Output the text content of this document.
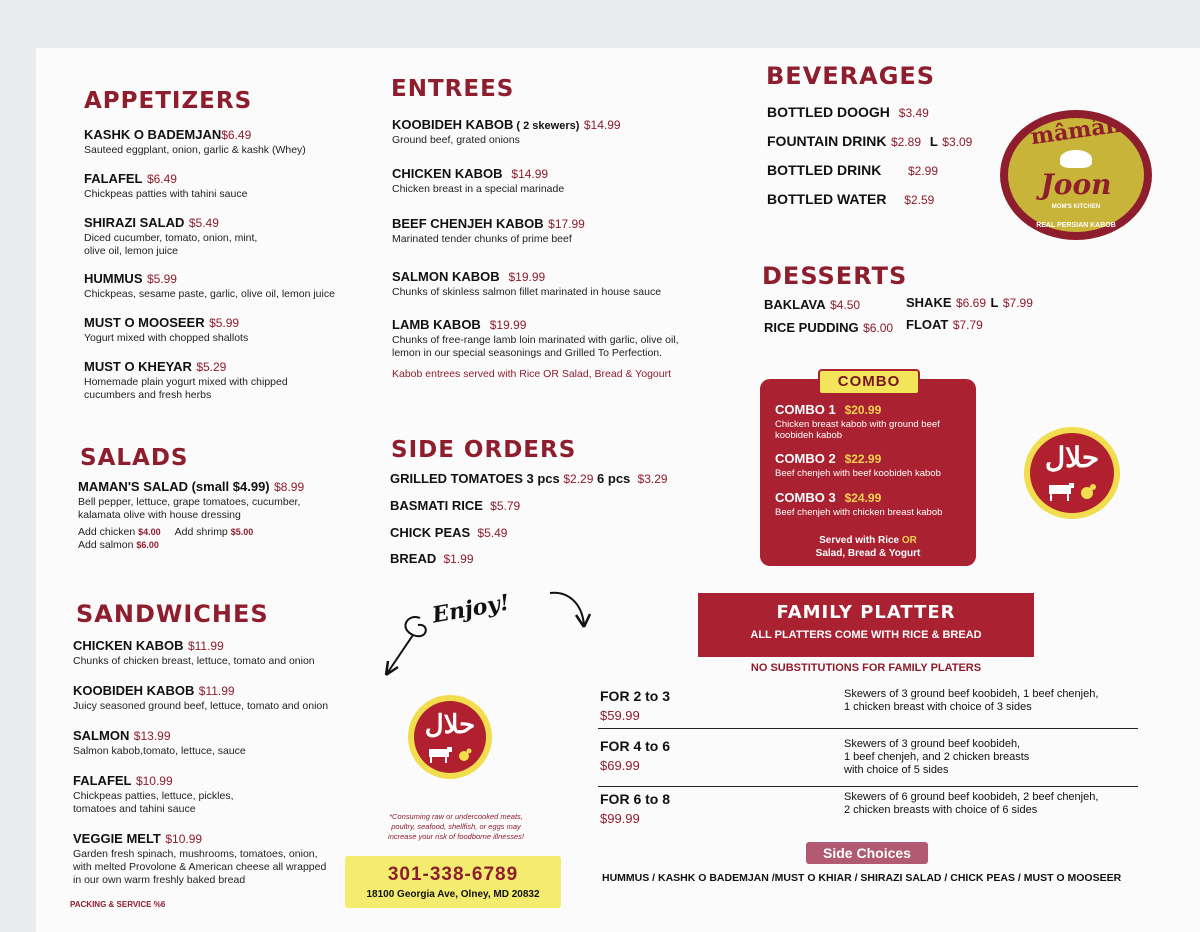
APPETIZERS
KASHK O BADEMJAN$6.49
Sauteed eggplant, onion, garlic & kashk (Whey)
FALAFEL $6.49
Chickpeas patties with tahini sauce
SHIRAZI SALAD $5.49
Diced cucumber, tomato, onion, mint,
olive oil, lemon juice
HUMMUS $5.99
Chickpeas, sesame paste, garlic, olive oil, lemon juice
MUST O MOOSEER $5.99
Yogurt mixed with chopped shallots
MUST O KHEYAR $5.29
Homemade plain yogurt mixed with chipped
cucumbers and fresh herbs
SALADS
MAMAN'S SALAD (small $4.99) $8.99
Bell pepper, lettuce, grape tomatoes, cucumber,
kalamata olive with house dressing
Add chicken $4.00 Add shrimp $5.00
Add salmon $6.00
SANDWICHES
CHICKEN KABOB $11.99
Chunks of chicken breast, lettuce, tomato and onion
KOOBIDEH KABOB $11.99
Juicy seasoned ground beef, lettuce, tomato and onion
SALMON $13.99
Salmon kabob,tomato, lettuce, sauce
FALAFEL $10.99
Chickpeas patties, lettuce, pickles,
tomatoes and tahini sauce
VEGGIE MELT $10.99
Garden fresh spinach, mushrooms, tomatoes, onion,
with melted Provolone & American cheese all wrapped
in our own warm freshly baked bread
PACKING & SERVICE %6
ENTREES
KOOBIDEH KABOB ( 2 skewers) $14.99
Ground beef, grated onions
CHICKEN KABOB $14.99
Chicken breast in a special marinade
BEEF CHENJEH KABOB $17.99
Marinated tender chunks of prime beef
SALMON KABOB $19.99
Chunks of skinless salmon fillet marinated in house sauce
LAMB KABOB $19.99
Chunks of free-range lamb loin marinated with garlic, olive oil,
lemon in our special seasonings and Grilled To Perfection.
Kabob entrees served with Rice OR Salad, Bread & Yogourt
SIDE ORDERS
GRILLED TOMATOES 3 pcs $2.29 6 pcs $3.29
BASMATI RICE $5.79
CHICK PEAS $5.49
BREAD $1.99
Enjoy!
حلال
*Consuming raw or undercooked meats,
poultry, seafood, shellfish, or eggs may
increase your risk of foodborne illnesses!
301-338-6789
18100 Georgia Ave, Olney, MD 20832
BEVERAGES
BOTTLED DOOGH $3.49
FOUNTAIN DRINK $2.89 L $3.09
BOTTLED DRINK $2.99
BOTTLED WATER $2.59
mâmân
Joon
MOM'S KITCHEN
REAL PERSIAN KABOB
DESSERTS
BAKLAVA $4.50	SHAKE $6.69 L $7.99
RICE PUDDING $6.00 FLOAT $7.79
COMBO 1 $20.99
Chicken breast kabob with ground beef
koobideh kabob
COMBO 2 $22.99
Beef chenjeh with beef koobideh kabob
COMBO 3 $24.99
Beef chenjeh with chicken breast kabob
Served with Rice OR
Salad, Bread & Yogurt
COMBO
حلال
FAMILY PLATTER
ALL PLATTERS COME WITH RICE & BREAD
NO SUBSTITUTIONS FOR FAMILY PLATERS
FOR 2 to 3
$59.99
Skewers of 3 ground beef koobideh, 1 beef chenjeh,
1 chicken breast with choice of 3 sides
FOR 4 to 6
$69.99
Skewers of 3 ground beef koobideh,
1 beef chenjeh, and 2 chicken breasts
with choice of 5 sides
FOR 6 to 8
$99.99
Skewers of 6 ground beef koobideh, 2 beef chenjeh,
2 chicken breasts with choice of 6 sides
Side Choices
HUMMUS / KASHK O BADEMJAN /MUST O KHIAR / SHIRAZI SALAD / CHICK PEAS / MUST O MOOSEER
